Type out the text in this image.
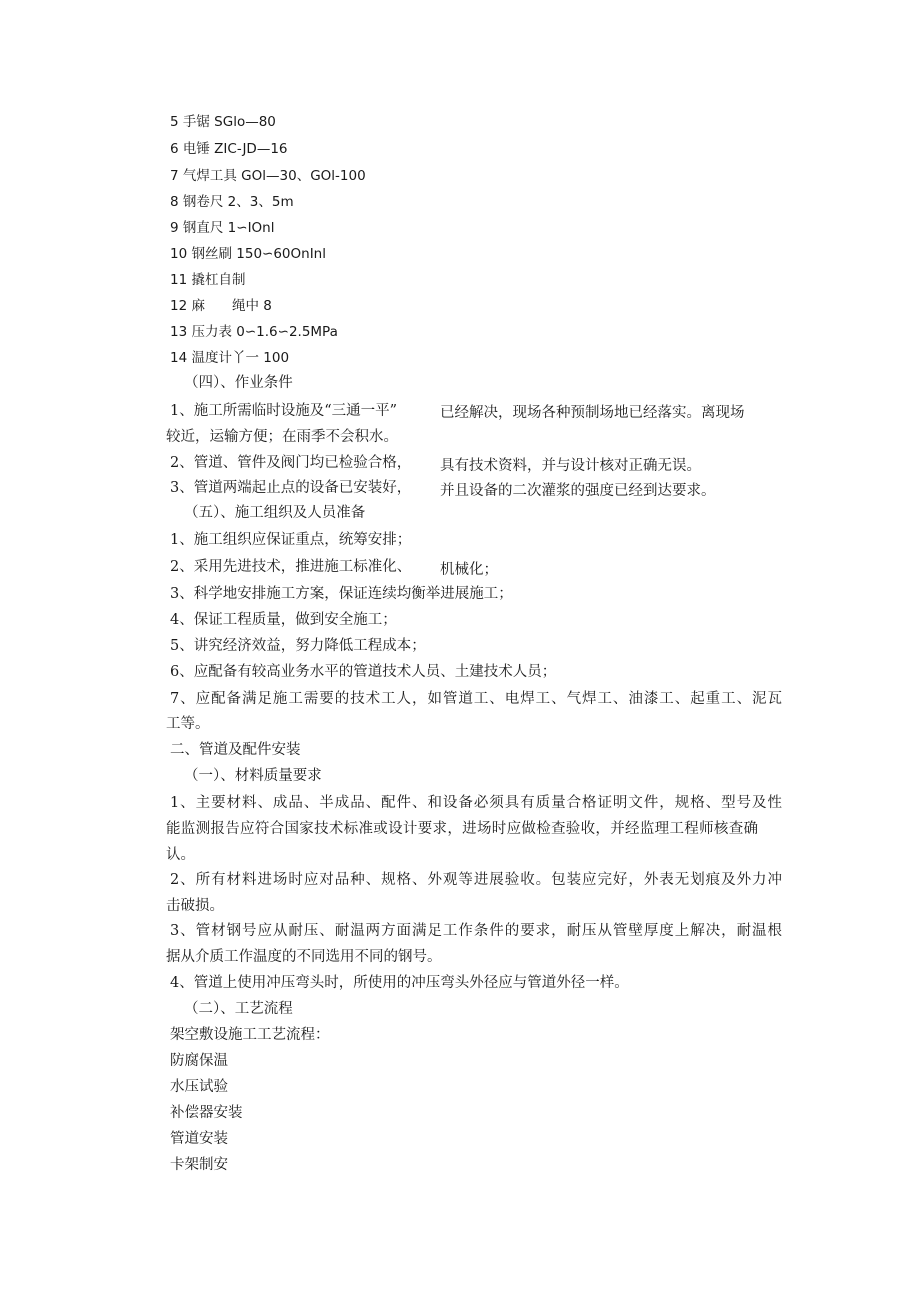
5 手锯 SGlo—80
6 电锤 ZIC-JD—16
7 气焊工具 GOl—30、GOl-100
8 钢卷尺 2、3、5m
9 钢直尺 1∽IOnl
10 钢丝刷 150∽60OnInl
11 撬杠自制
12 麻　　绳中 8
13 压力表 0∽1.6∽2.5MPa
14 温度计丫一 100
（四）、作业条件
1、施工所需临时设施及“三通一平”	已经解决，现场各种预制场地已经落实。离现场
较近，运输方便；在雨季不会积水。
2、管道、管件及阀门均已检验合格， 具有技术资料，并与设计核对正确无误。
3、管道两端起止点的设备已安装好， 并且设备的二次灌浆的强度已经到达要求。
（五）、施工组织及人员准备
1、施工组织应保证重点，统筹安排；
2、采用先进技术，推进施工标准化、 机械化；
3、科学地安排施工方案，保证连续均衡举进展施工；
4、保证工程质量，做到安全施工；
5、讲究经济效益，努力降低工程成本；
6、应配备有较高业务水平的管道技术人员、土建技术人员；
7、应配备满足施工需要的技术工人，如管道工、电焊工、气焊工、油漆工、起重工、泥瓦
工等。
二、管道及配件安装
（一）、材料质量要求
1、主要材料、成品、半成品、配件、和设备必须具有质量合格证明文件，规格、型号及性
能监测报告应符合国家技术标准或设计要求，进场时应做检查验收，并经监理工程师核查确
认。
2、所有材料进场时应对品种、规格、外观等进展验收。包装应完好，外表无划痕及外力冲
击破损。
3、管材钢号应从耐压、耐温两方面满足工作条件的要求，耐压从管壁厚度上解决，耐温根
据从介质工作温度的不同选用不同的钢号。
4、管道上使用冲压弯头时，所使用的冲压弯头外径应与管道外径一样。
（二）、工艺流程
架空敷设施工工艺流程：
防腐保温
水压试验
补偿器安装
管道安装
卡架制安
